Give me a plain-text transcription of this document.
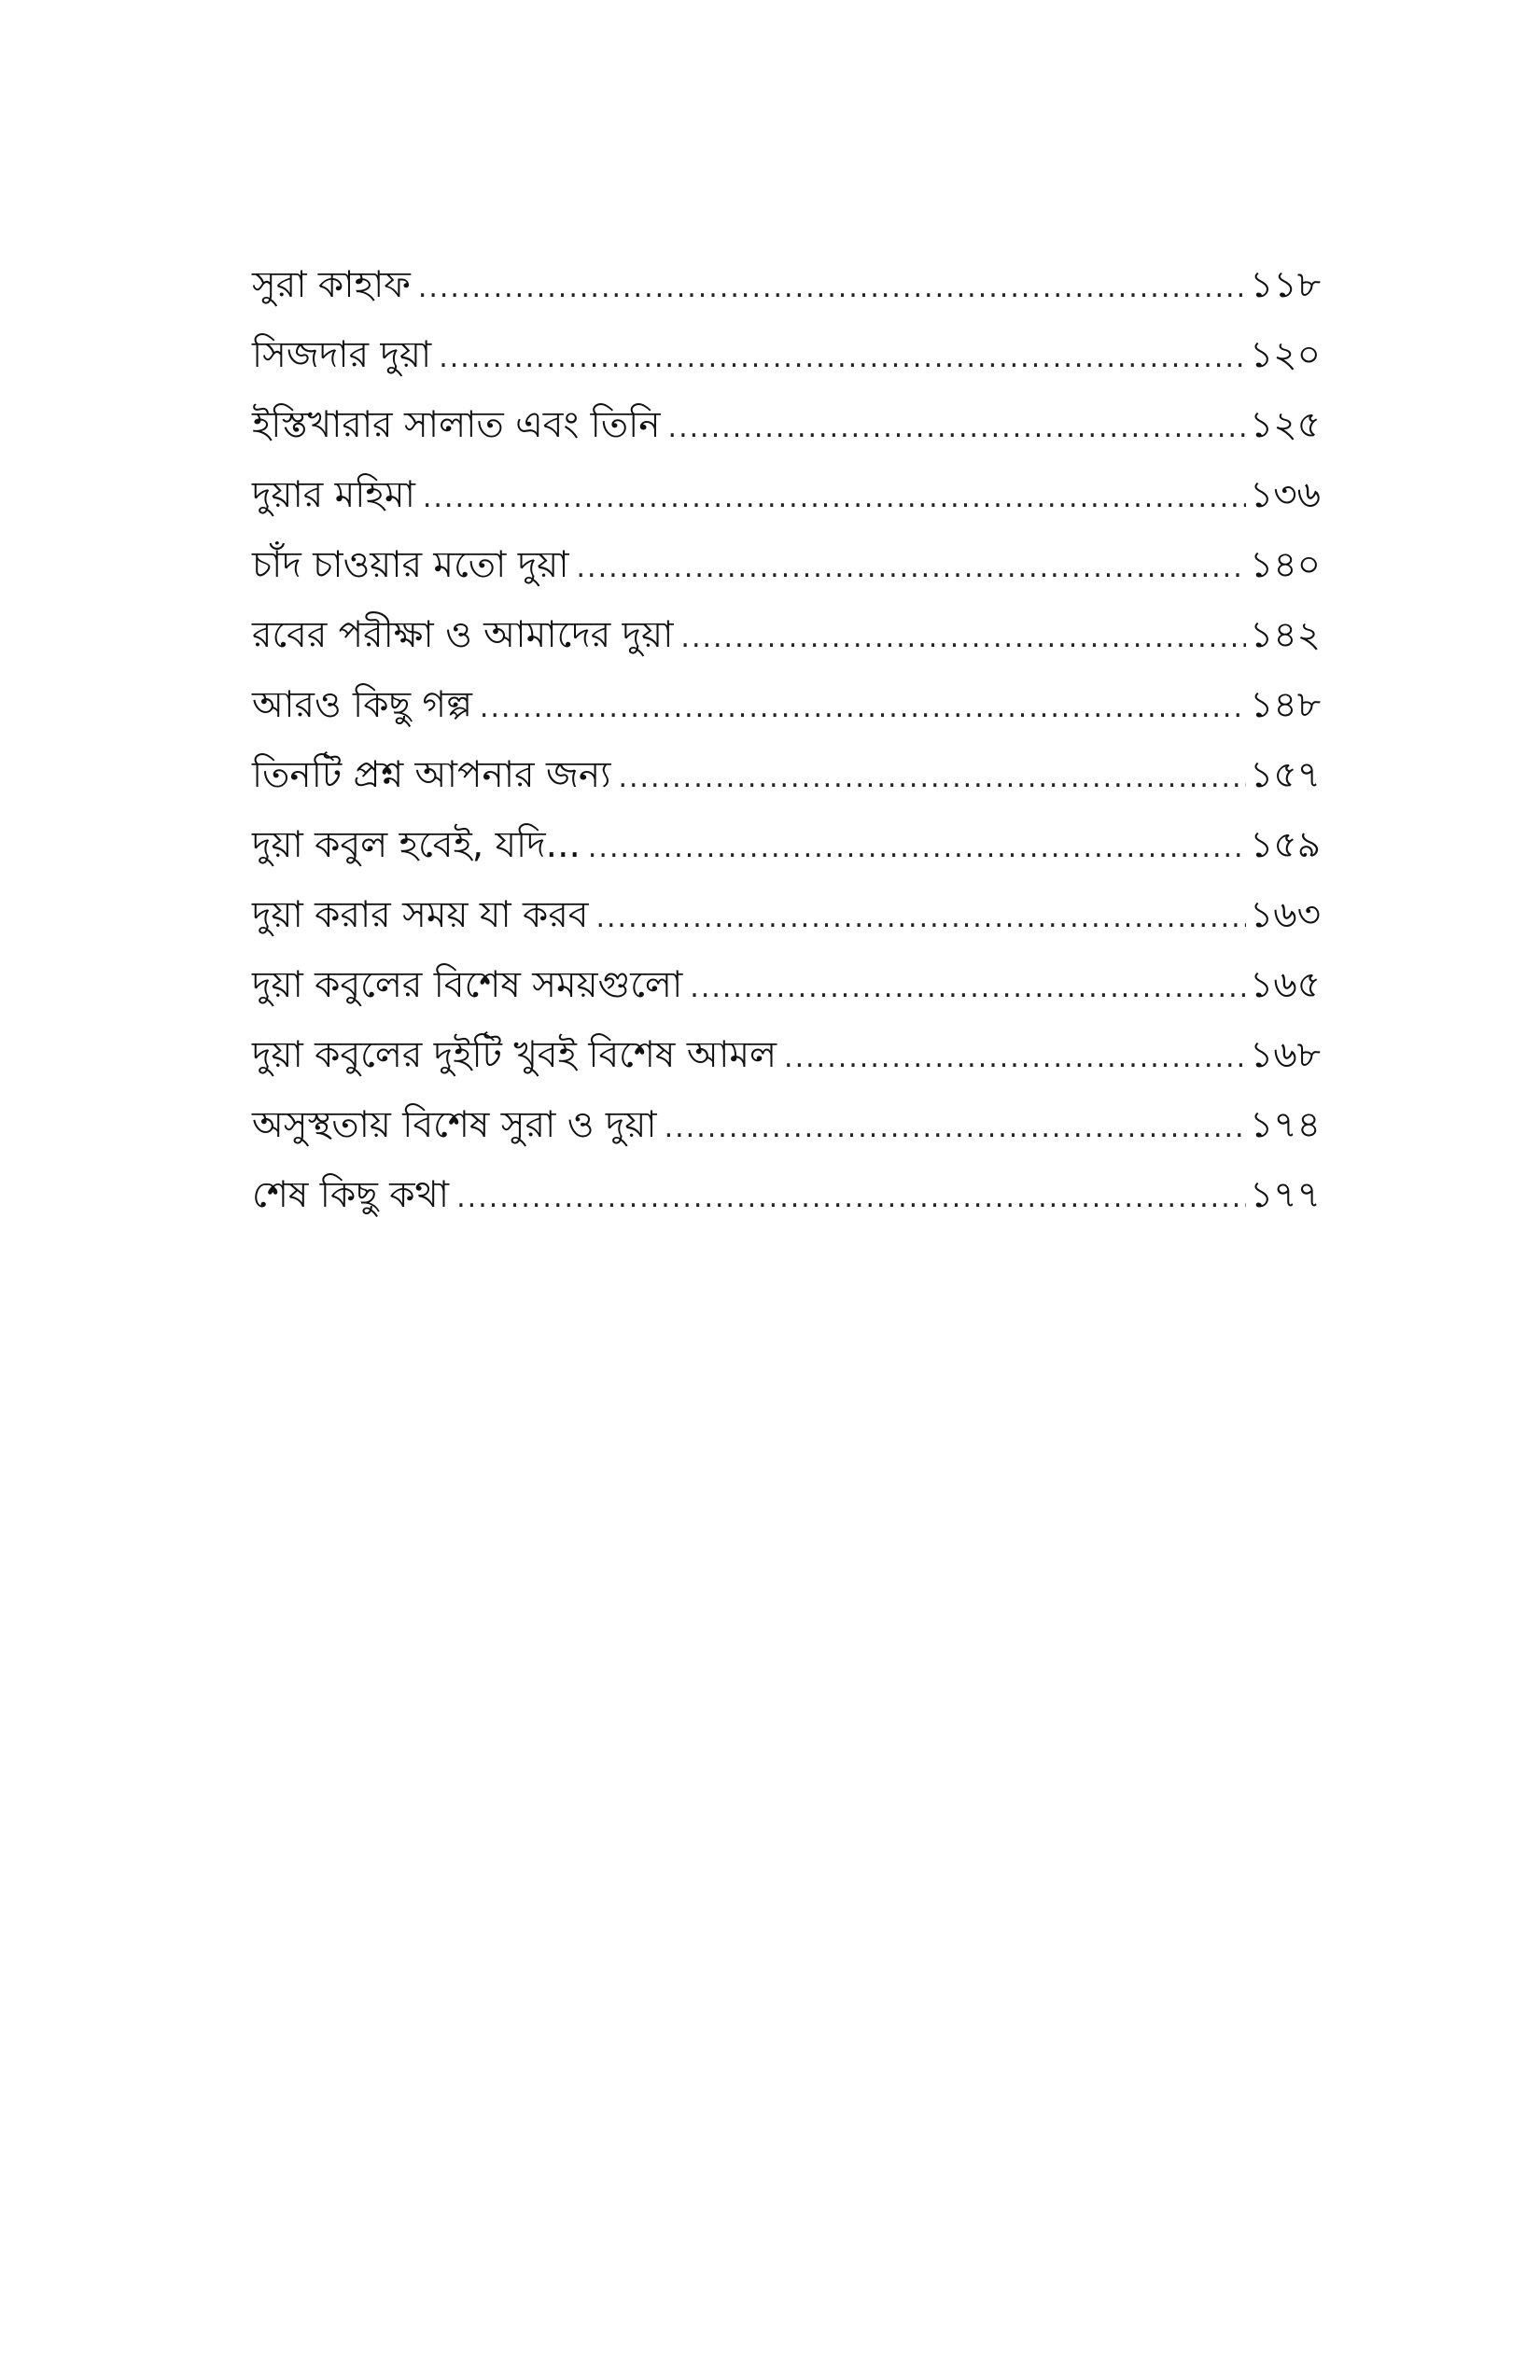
সুরা কাহাফ .....	১১৮
সিজদার দুয়া .....	১২০
ইস্তিখারার সালাত এবং তিনি .....	১২৫
দুয়ার মহিমা .....	১৩৬
চাঁদ চাওয়ার মতো দুয়া .....	১৪০
রবের পরীক্ষা ও আমাদের দুয়া .....	১৪২
আরও কিছু গল্প .....	১৪৮
তিনটি প্রশ্ন আপনার জন্য .....	১৫৭
দুয়া কবুল হবেই, যদি... .....	১৫৯
দুয়া করার সময় যা করব .....	১৬৩
দুয়া কবুলের বিশেষ সময়গুলো .....	১৬৫
দুয়া কবুলের দুইটি খুবই বিশেষ আমল .....	১৬৮
অসুস্থতায় বিশেষ সুরা ও দুয়া .....	১৭৪
শেষ কিছু কথা .....	১৭৭
